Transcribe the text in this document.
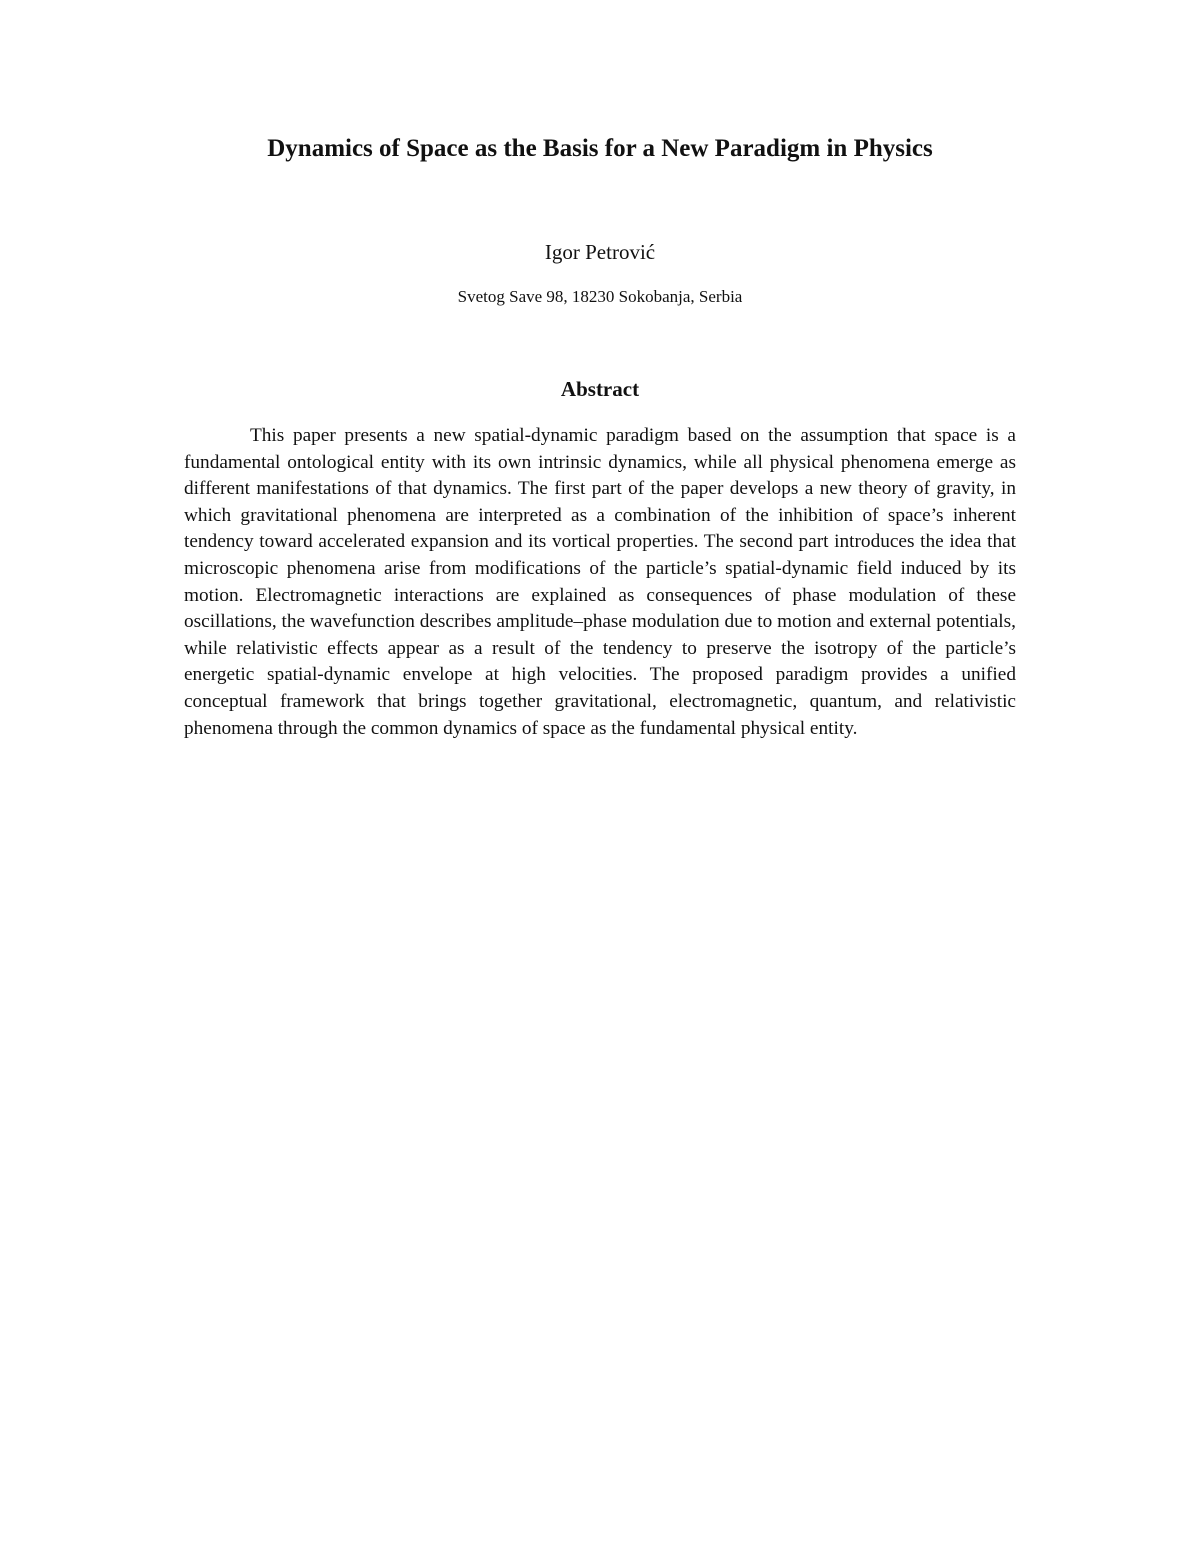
Dynamics of Space as the Basis for a New Paradigm in Physics

Igor Petrović

Svetog Save 98, 18230 Sokobanja, Serbia

Abstract

This paper presents a new spatial-dynamic paradigm based on the assumption that space is a fundamental ontological entity with its own intrinsic dynamics, while all physical phenomena emerge as different manifestations of that dynamics. The first part of the paper develops a new theory of gravity, in which gravitational phenomena are interpreted as a combination of the inhibition of space’s inherent tendency toward accelerated expansion and its vortical properties. The second part introduces the idea that microscopic phenomena arise from modifications of the particle’s spatial-dynamic field induced by its motion. Electromagnetic interactions are explained as consequences of phase modulation of these oscillations, the wavefunction describes amplitude–phase modulation due to motion and external potentials, while relativistic effects appear as a result of the tendency to preserve the isotropy of the particle’s energetic spatial-dynamic envelope at high velocities. The proposed paradigm provides a unified conceptual framework that brings together gravitational, electromagnetic, quantum, and relativistic phenomena through the common dynamics of space as the fundamental physical entity.
